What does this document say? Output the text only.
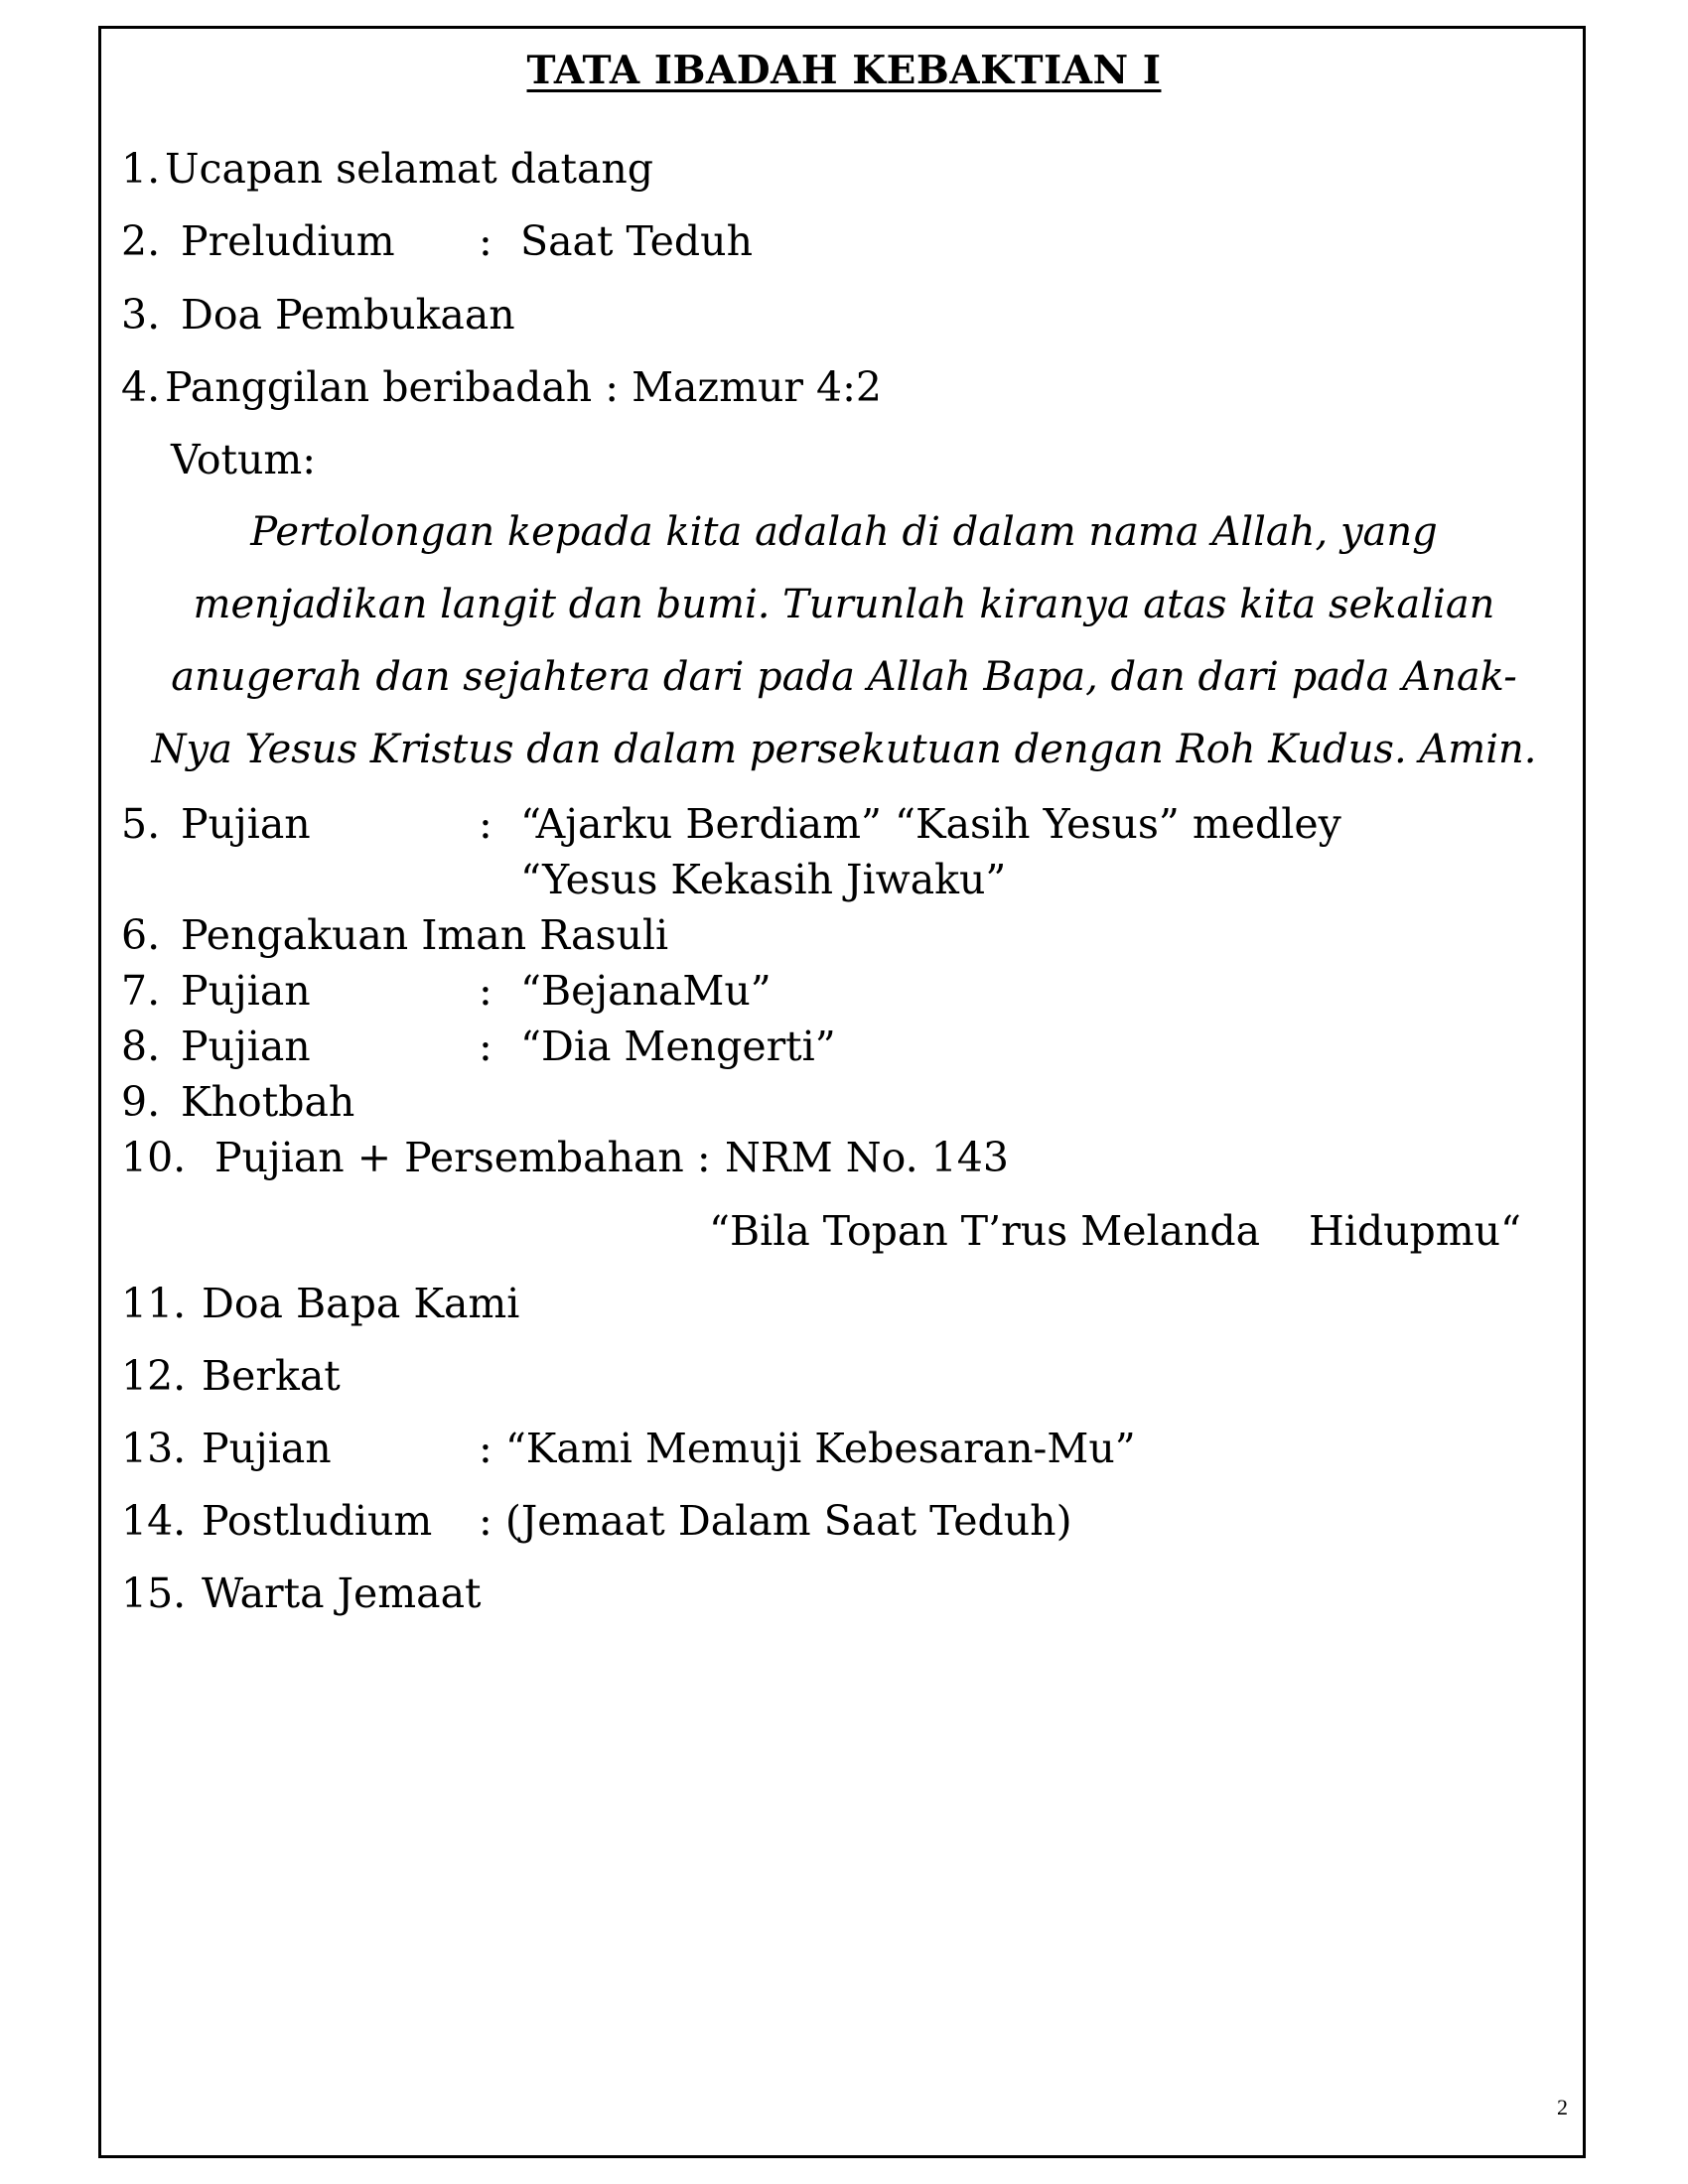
TATA IBADAH KEBAKTIAN I
1. Ucapan selamat datang
2. Preludium : Saat Teduh
3. Doa Pembukaan
4. Panggilan beribadah : Mazmur 4:2
Votum:
Pertolongan kepada kita adalah di dalam nama Allah, yang
menjadikan langit dan bumi. Turunlah kiranya atas kita sekalian
anugerah dan sejahtera dari pada Allah Bapa, dan dari pada Anak-
Nya Yesus Kristus dan dalam persekutuan dengan Roh Kudus. Amin.
5. Pujian	: “Ajarku Berdiam” “Kasih Yesus” medley
“Yesus Kekasih Jiwaku”
6. Pengakuan Iman Rasuli
7. Pujian	: “BejanaMu”
8. Pujian	: “Dia Mengerti”
9. Khotbah
10. Pujian + Persembahan : NRM No. 143
“Bila Topan T’rus Melanda Hidupmu“
11. Doa Bapa Kami
12. Berkat
13. Pujian	: “Kami Memuji Kebesaran-Mu”
14. Postludium : (Jemaat Dalam Saat Teduh)
15. Warta Jemaat
2
